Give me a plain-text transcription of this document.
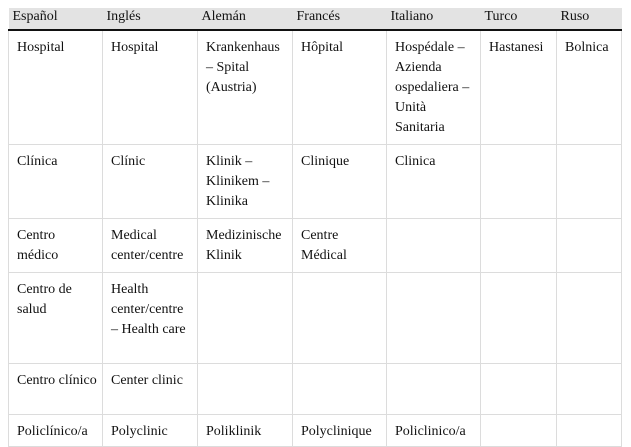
Español	Inglés	Alemán	Francés	Italiano	Turco	Ruso
Hospital	Hospital	Krankenhaus – Spital (Austria)	Hôpital	Hospédale – Azienda ospedaliera – Unità Sanitaria	Hastanesi	Bolnica
Clínica	Clínic	Klinik – Klinikem – Klinika	Clinique	Clinica		
Centro médico	Medical center/centre	Medizinische Klinik	Centre Médical			
Centro de salud	Health center/centre – Health care					
Centro clínico	Center clinic					
Policlínico/a	Polyclinic	Poliklinik	Polyclinique	Policlinico/a		
